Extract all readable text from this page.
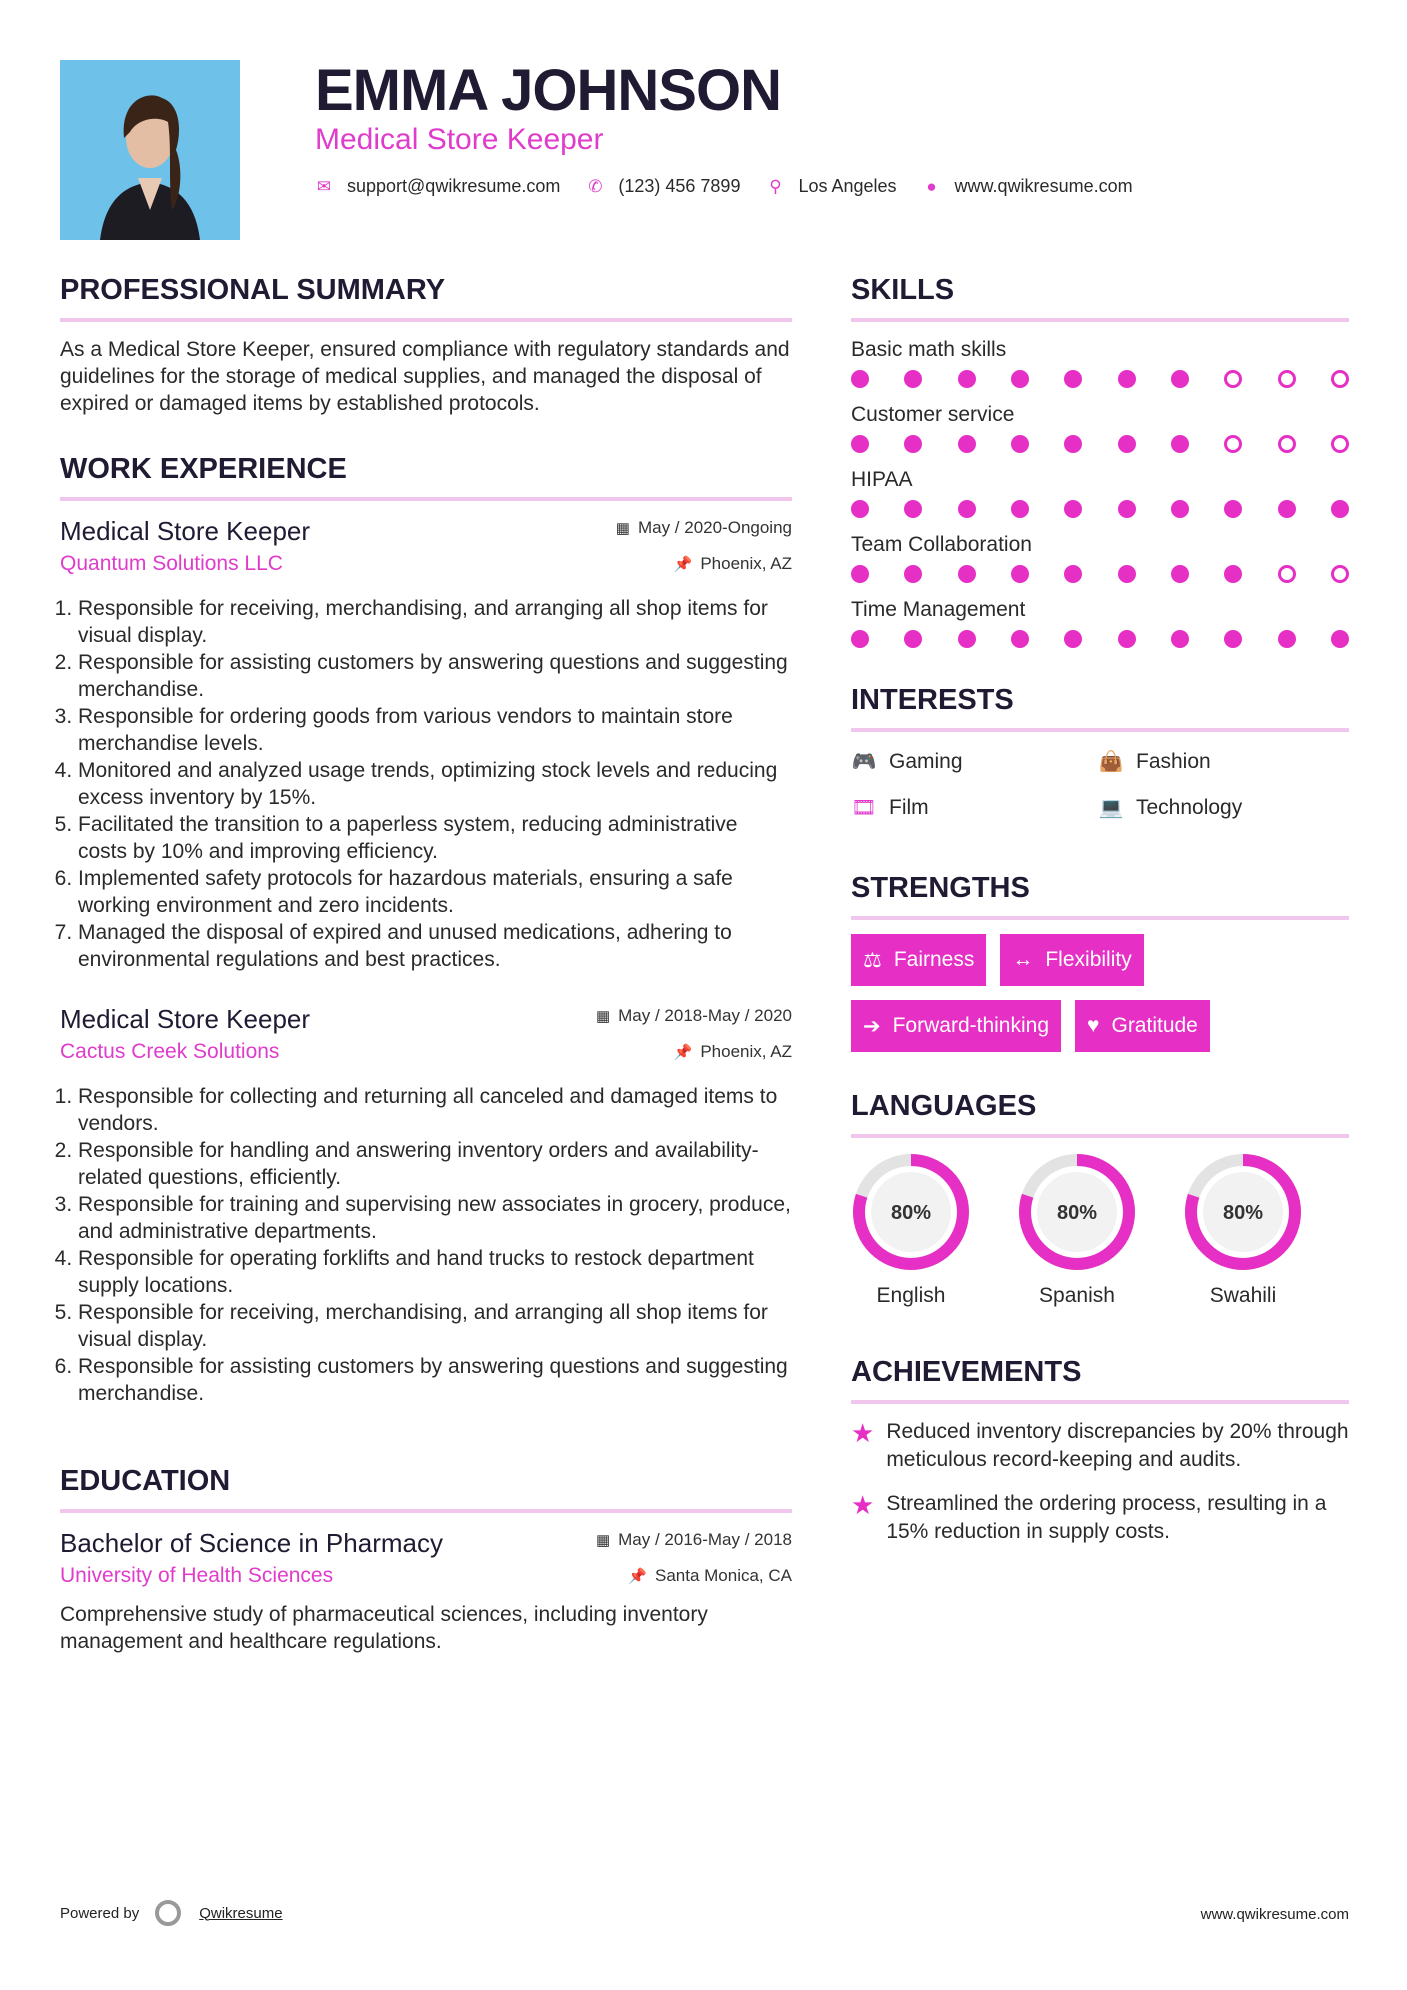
EMMA JOHNSON
Medical Store Keeper
✉ support@qwikresume.com ✆ (123) 456 7899 ⚲ Los Angeles ● www.qwikresume.com
PROFESSIONAL SUMMARY

As a Medical Store Keeper, ensured compliance with regulatory standards and guidelines for the storage of medical supplies, and managed the disposal of expired or damaged items by established protocols.

WORK EXPERIENCE
Medical Store Keeper	▦ May / 2020-Ongoing
Quantum Solutions LLC	📌 Phoenix, AZ
1. Responsible for receiving, merchandising, and arranging all shop items for visual display.
2. Responsible for assisting customers by answering questions and suggesting merchandise.
3. Responsible for ordering goods from various vendors to maintain store merchandise levels.
4. Monitored and analyzed usage trends, optimizing stock levels and reducing excess inventory by 15%.
5. Facilitated the transition to a paperless system, reducing administrative costs by 10% and improving efficiency.
6. Implemented safety protocols for hazardous materials, ensuring a safe working environment and zero incidents.
7. Managed the disposal of expired and unused medications, adhering to environmental regulations and best practices.
Medical Store Keeper	▦ May / 2018-May / 2020
Cactus Creek Solutions	📌 Phoenix, AZ
1. Responsible for collecting and returning all canceled and damaged items to vendors.
2. Responsible for handling and answering inventory orders and availability-related questions, efficiently.
3. Responsible for training and supervising new associates in grocery, produce, and administrative departments.
4. Responsible for operating forklifts and hand trucks to restock department supply locations.
5. Responsible for receiving, merchandising, and arranging all shop items for visual display.
6. Responsible for assisting customers by answering questions and suggesting merchandise.
EDUCATION
Bachelor of Science in Pharmacy	▦ May / 2016-May / 2018
University of Health Sciences	📌 Santa Monica, CA

Comprehensive study of pharmaceutical sciences, including inventory management and healthcare regulations.

SKILLS
Basic math skills
Customer service
HIPAA
Team Collaboration
Time Management
INTERESTS
🎮 Gaming	👜 Fashion
🎞 Film	💻 Technology
STRENGTHS
⚖ Fairness ↔ Flexibility
➔ Forward-thinking ♥ Gratitude
LANGUAGES
80%
English
80%
Spanish
80%
Swahili
ACHIEVEMENTS
★ Reduced inventory discrepancies by 20% through meticulous record-keeping and audits.
★ Streamlined the ordering process, resulting in a 15% reduction in supply costs.
Powered by	Qwikresume	www.qwikresume.com
